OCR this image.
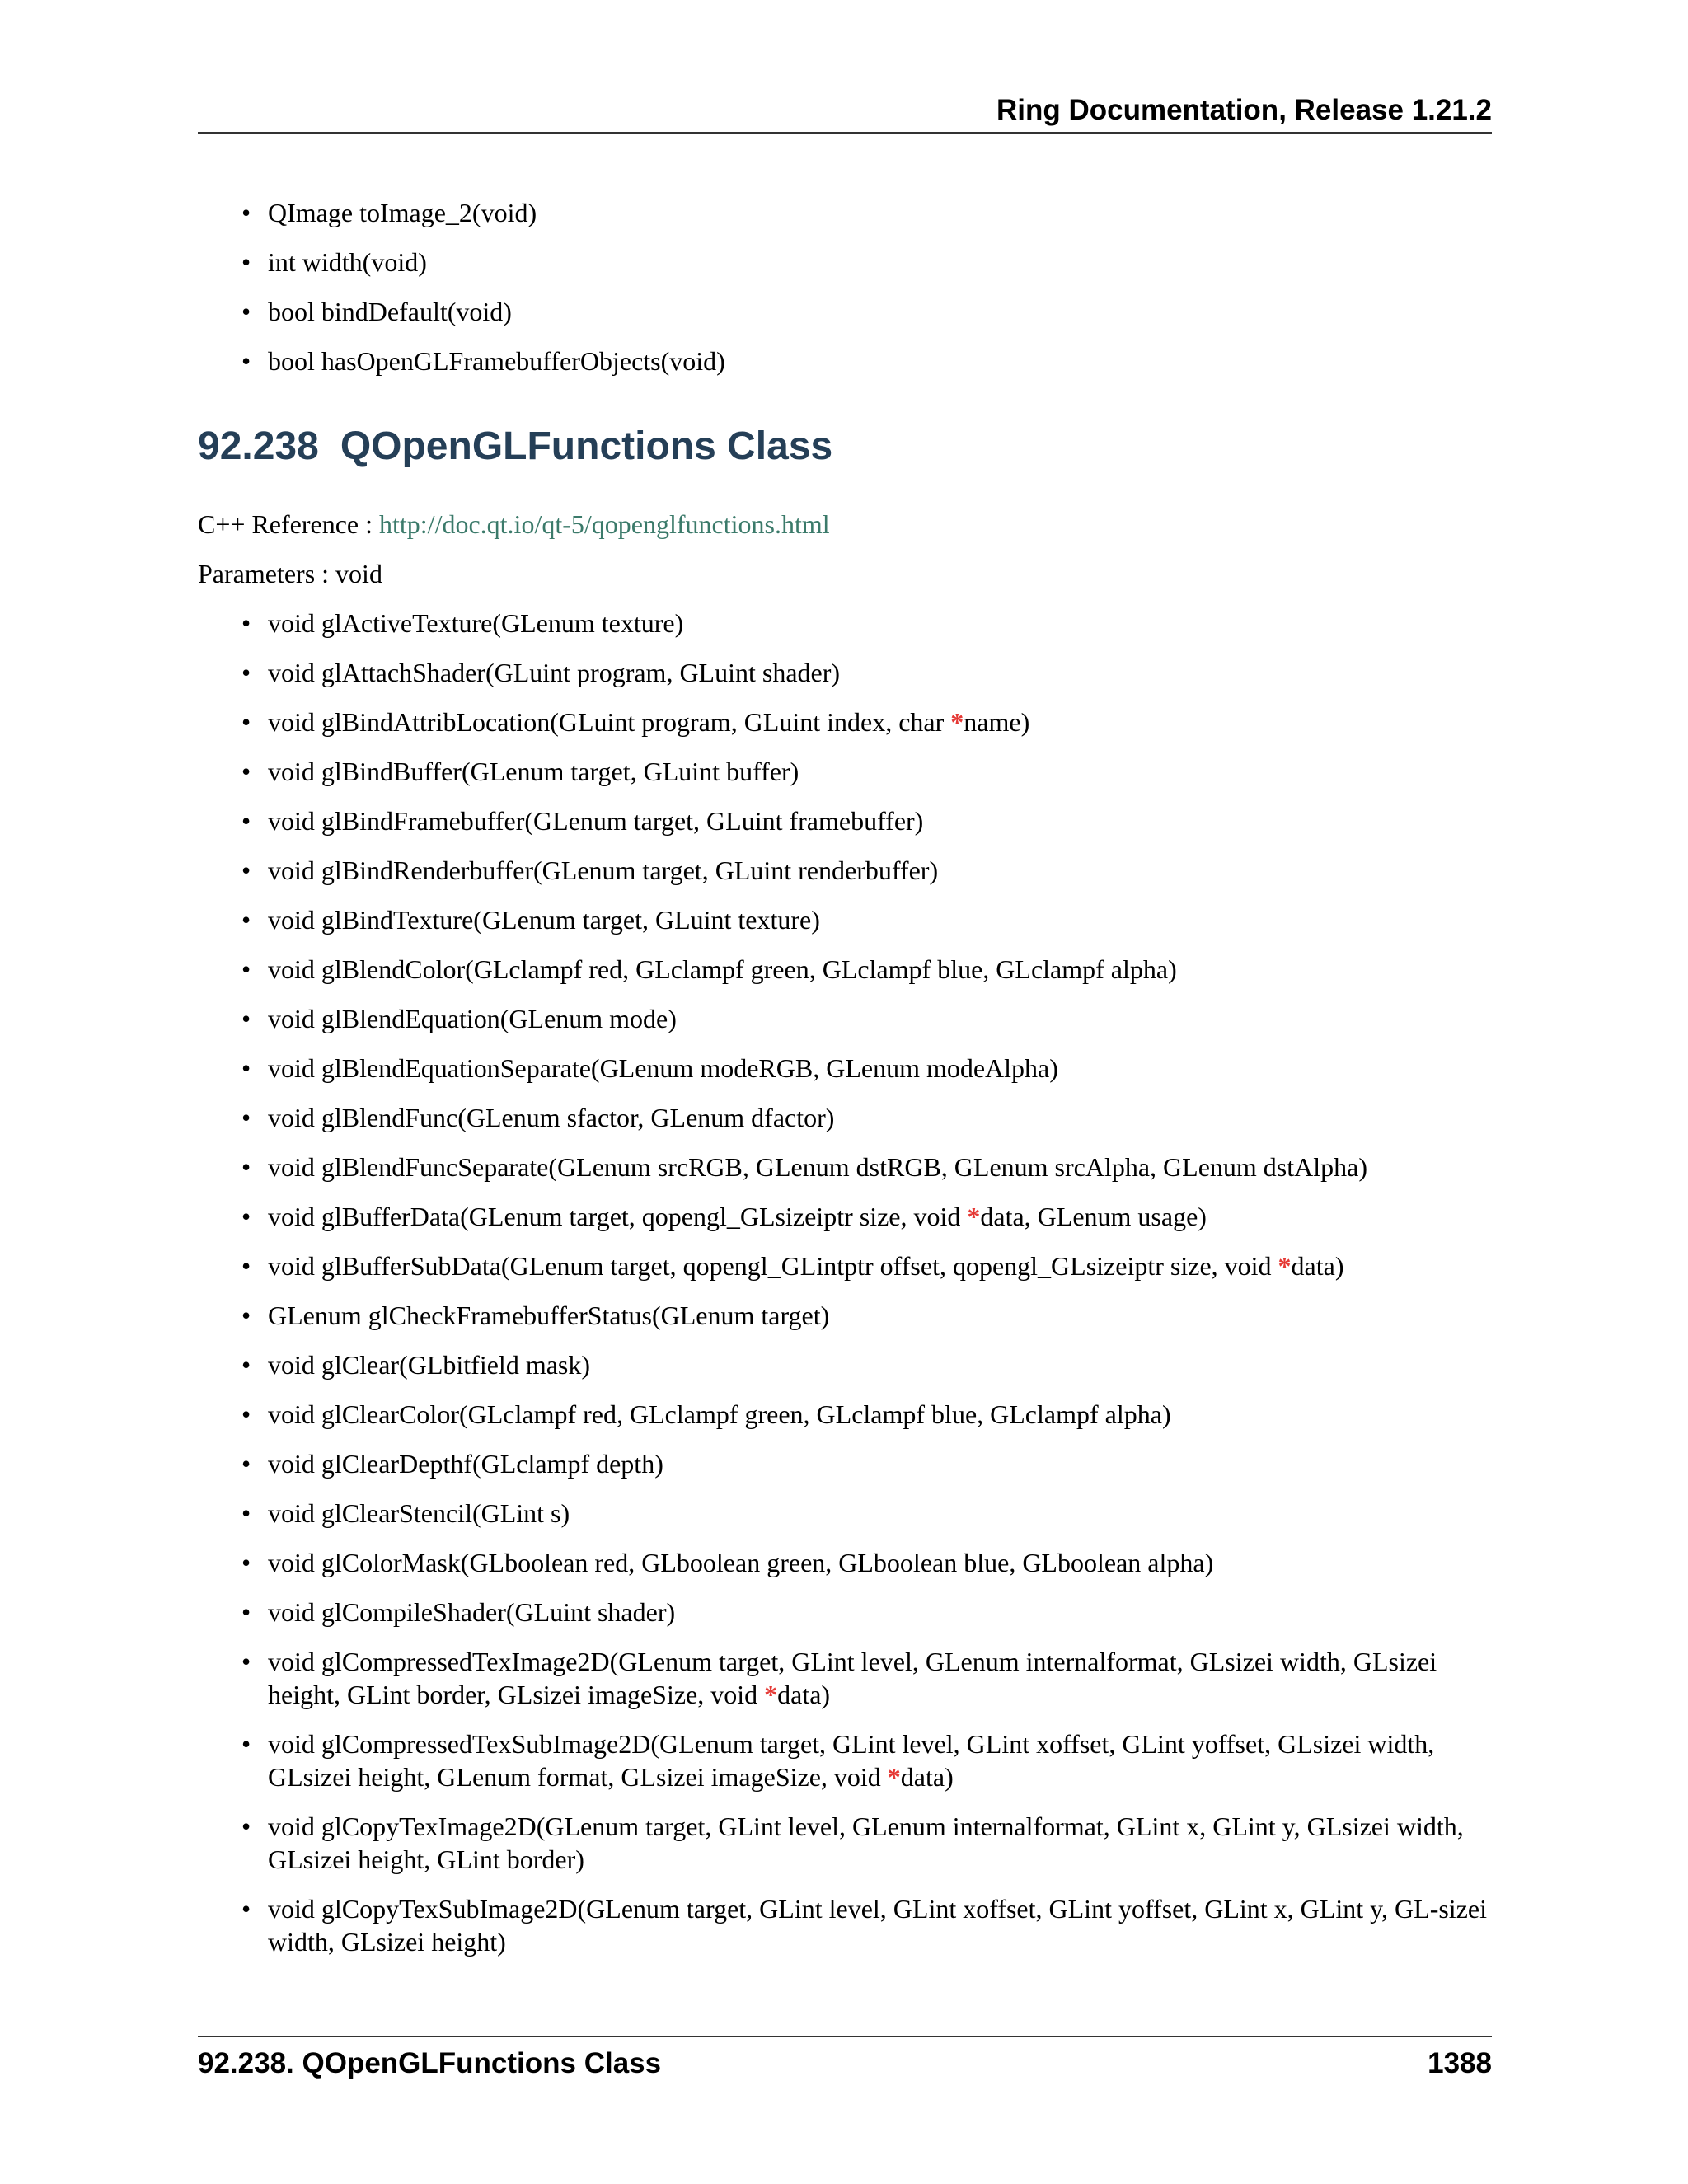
Ring Documentation, Release 1.21.2
• QImage toImage_2(void)
• int width(void)
• bool bindDefault(void)
• bool hasOpenGLFramebufferObjects(void)
92.238 QOpenGLFunctions Class

C++ Reference : http://doc.qt.io/qt-5/qopenglfunctions.html

Parameters : void

• void glActiveTexture(GLenum texture)
• void glAttachShader(GLuint program, GLuint shader)
• void glBindAttribLocation(GLuint program, GLuint index, char *name)
• void glBindBuffer(GLenum target, GLuint buffer)
• void glBindFramebuffer(GLenum target, GLuint framebuffer)
• void glBindRenderbuffer(GLenum target, GLuint renderbuffer)
• void glBindTexture(GLenum target, GLuint texture)
• void glBlendColor(GLclampf red, GLclampf green, GLclampf blue, GLclampf alpha)
• void glBlendEquation(GLenum mode)
• void glBlendEquationSeparate(GLenum modeRGB, GLenum modeAlpha)
• void glBlendFunc(GLenum sfactor, GLenum dfactor)
• void glBlendFuncSeparate(GLenum srcRGB, GLenum dstRGB, GLenum srcAlpha, GLenum dstAlpha)
• void glBufferData(GLenum target, qopengl_GLsizeiptr size, void *data, GLenum usage)
• void glBufferSubData(GLenum target, qopengl_GLintptr offset, qopengl_GLsizeiptr size, void *data)
• GLenum glCheckFramebufferStatus(GLenum target)
• void glClear(GLbitfield mask)
• void glClearColor(GLclampf red, GLclampf green, GLclampf blue, GLclampf alpha)
• void glClearDepthf(GLclampf depth)
• void glClearStencil(GLint s)
• void glColorMask(GLboolean red, GLboolean green, GLboolean blue, GLboolean alpha)
• void glCompileShader(GLuint shader)
• void glCompressedTexImage2D(GLenum target, GLint level, GLenum internalformat, GLsizei width, GLsizei height, GLint border, GLsizei imageSize, void *data)
• void glCompressedTexSubImage2D(GLenum target, GLint level, GLint xoffset, GLint yoffset, GLsizei width, GLsizei height, GLenum format, GLsizei imageSize, void *data)
• void glCopyTexImage2D(GLenum target, GLint level, GLenum internalformat, GLint x, GLint y, GLsizei width, GLsizei height, GLint border)
• void glCopyTexSubImage2D(GLenum target, GLint level, GLint xoffset, GLint yoffset, GLint x, GLint y, GL-sizei width, GLsizei height)
92.238. QOpenGLFunctions Class	1388
